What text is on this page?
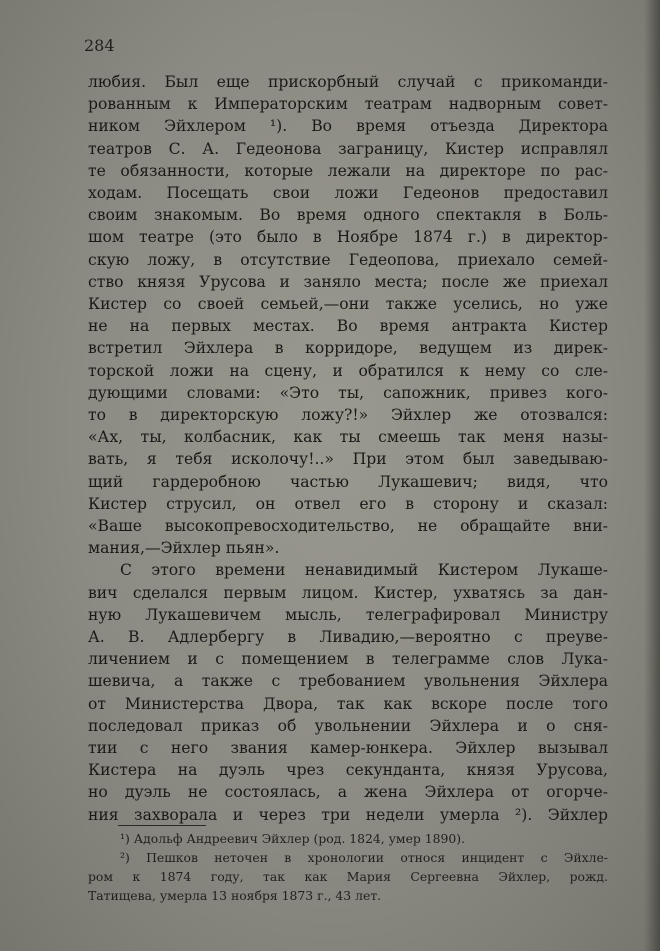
284
любия. Был еще прискорбный случай с прикоманди-
рованным к Императорским театрам надворным совет-
ником Эйхлером ¹). Во время отъезда Директора
театров С. А. Гедеонова заграницу, Кистер исправлял
те обязанности, которые лежали на директоре по рас-
ходам. Посещать свои ложи Гедеонов предоставил
своим знакомым. Во время одного спектакля в Боль-
шом театре (это было в Ноябре 1874 г.) в директор-
скую ложу, в отсутствие Гедеопова, приехало семей-
ство князя Урусова и заняло места; после же приехал
Кистер со своей семьей,—они также уселись, но уже
не на первых местах. Во время антракта Кистер
встретил Эйхлера в корридоре, ведущем из дирек-
торской ложи на сцену, и обратился к нему со сле-
дующими словами: «Это ты, сапожник, привез кого-
то в директорскую ложу?!» Эйхлер же отозвался:
«Ах, ты, колбасник, как ты смеешь так меня назы-
вать, я тебя исколочу!..» При этом был заведываю-
щий гардеробною частью Лукашевич; видя, что
Кистер струсил, он отвел его в сторону и сказал:
«Ваше высокопревосходительство, не обращайте вни-
мания,—Эйхлер пьян».
С этого времени ненавидимый Кистером Лукаше-
вич сделался первым лицом. Кистер, ухватясь за дан-
ную Лукашевичем мысль, телеграфировал Министру
А. В. Адлербергу в Ливадию,—вероятно с преуве-
личением и с помещением в телеграмме слов Лука-
шевича, а также с требованием увольнения Эйхлера
от Министерства Двора, так как вскоре после того
последовал приказ об увольнении Эйхлера и о сня-
тии с него звания камер-юнкера. Эйхлер вызывал
Кистера на дуэль чрез секунданта, князя Урусова,
но дуэль не состоялась, а жена Эйхлера от огорче-
¹) Адольф Андреевич Эйхлер (род. 1824, умер 1890).
²) Пешков неточен в хронологии относя инцидент с Эйхле-
ром к 1874 году, так как Мария Сергеевна Эйхлер, рожд.
Татищева, умерла 13 ноября 1873 г., 43 лет.
ния захворала и через три недели умерла ²). Эйхлер
